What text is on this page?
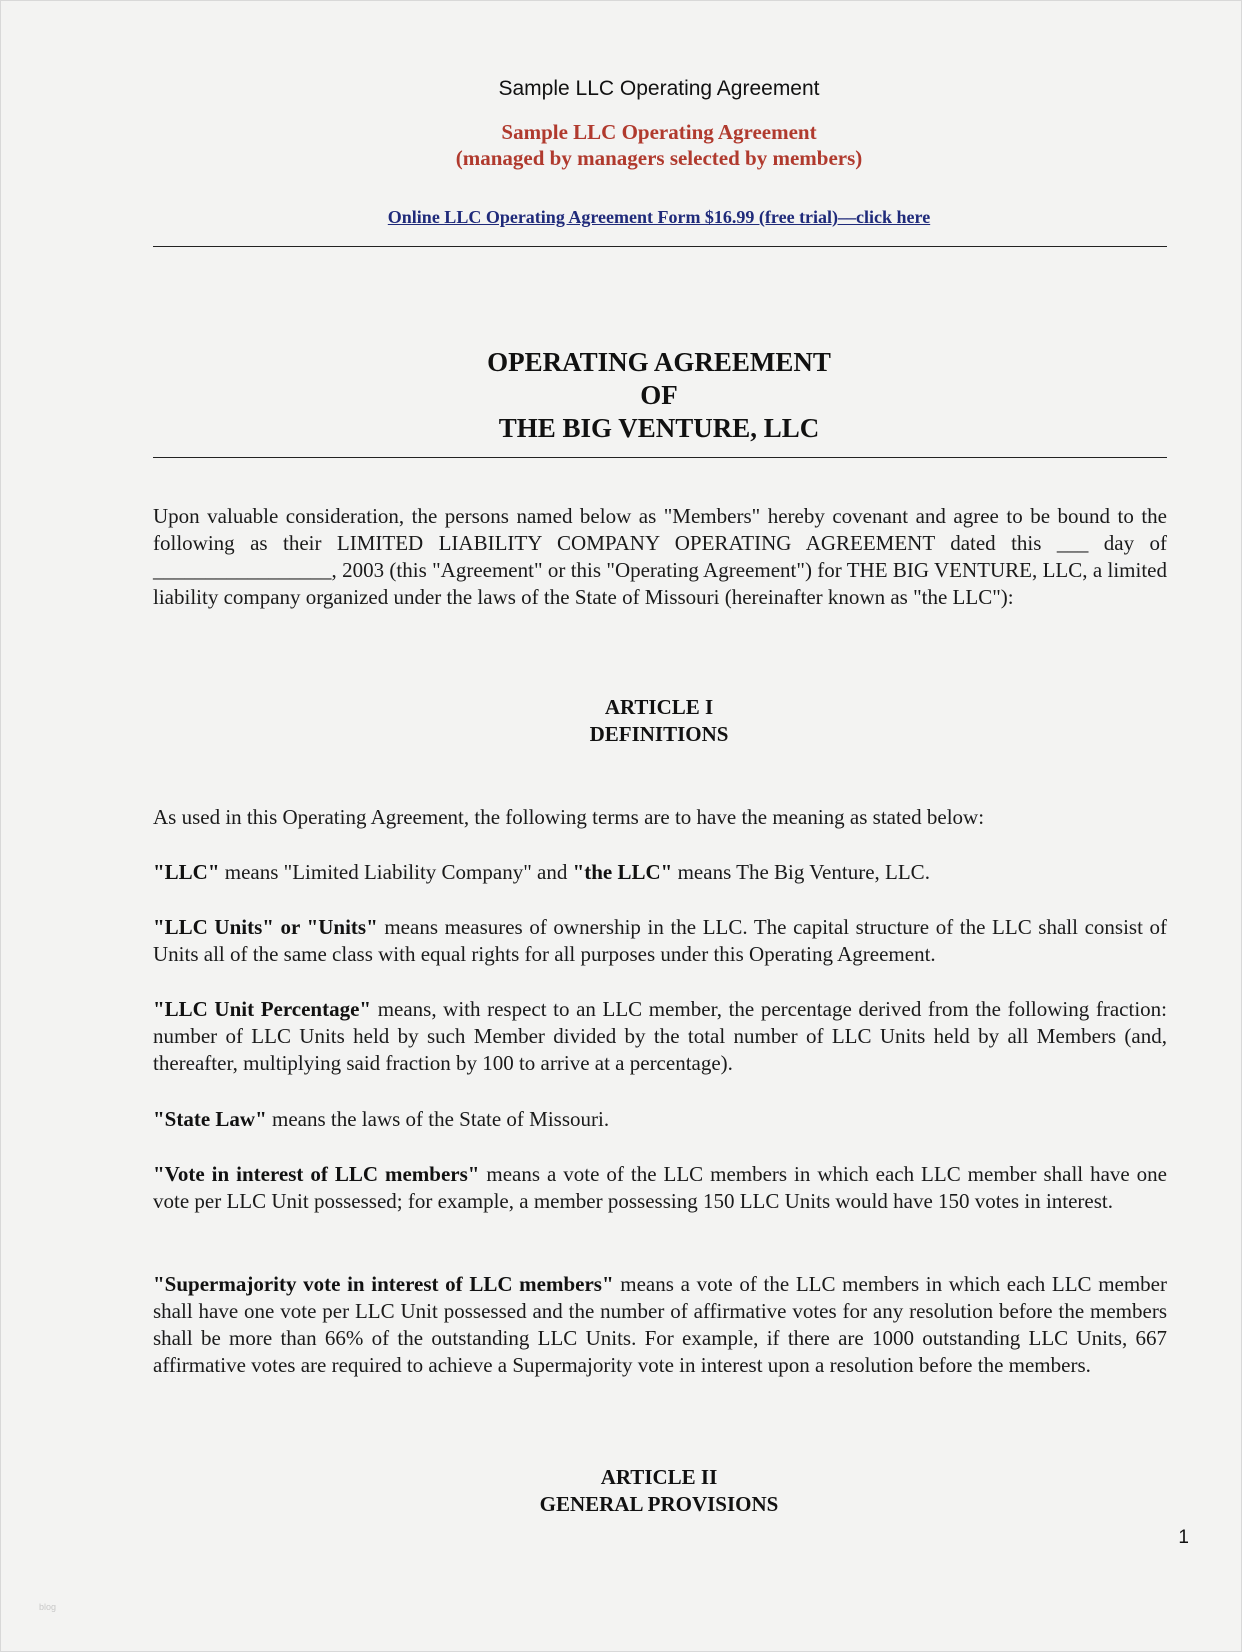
Sample LLC Operating Agreement
Sample LLC Operating Agreement
(managed by managers selected by members)
Online LLC Operating Agreement Form $16.99 (free trial)––click here
OPERATING AGREEMENT
OF
THE BIG VENTURE, LLC
Upon valuable consideration, the persons named below as "Members" hereby covenant and agree to be bound to the following as their LIMITED LIABILITY COMPANY OPERATING AGREEMENT dated this ___ day of _________________, 2003 (this "Agreement" or this "Operating Agreement") for THE BIG VENTURE, LLC, a limited liability company organized under the laws of the State of Missouri (hereinafter known as "the LLC"):
ARTICLE I
DEFINITIONS
As used in this Operating Agreement, the following terms are to have the meaning as stated below:
"LLC" means "Limited Liability Company" and "the LLC" means The Big Venture, LLC.
"LLC Units" or "Units" means measures of ownership in the LLC. The capital structure of the LLC shall consist of Units all of the same class with equal rights for all purposes under this Operating Agreement.
"LLC Unit Percentage" means, with respect to an LLC member, the percentage derived from the following fraction: number of LLC Units held by such Member divided by the total number of LLC Units held by all Members (and, thereafter, multiplying said fraction by 100 to arrive at a percentage).
"State Law" means the laws of the State of Missouri.
"Vote in interest of LLC members" means a vote of the LLC members in which each LLC member shall have one vote per LLC Unit possessed; for example, a member possessing 150 LLC Units would have 150 votes in interest.
"Supermajority vote in interest of LLC members" means a vote of the LLC members in which each LLC member shall have one vote per LLC Unit possessed and the number of affirmative votes for any resolution before the members shall be more than 66% of the outstanding LLC Units. For example, if there are 1000 outstanding LLC Units, 667 affirmative votes are required to achieve a Supermajority vote in interest upon a resolution before the members.
ARTICLE II
GENERAL PROVISIONS
1
blog
